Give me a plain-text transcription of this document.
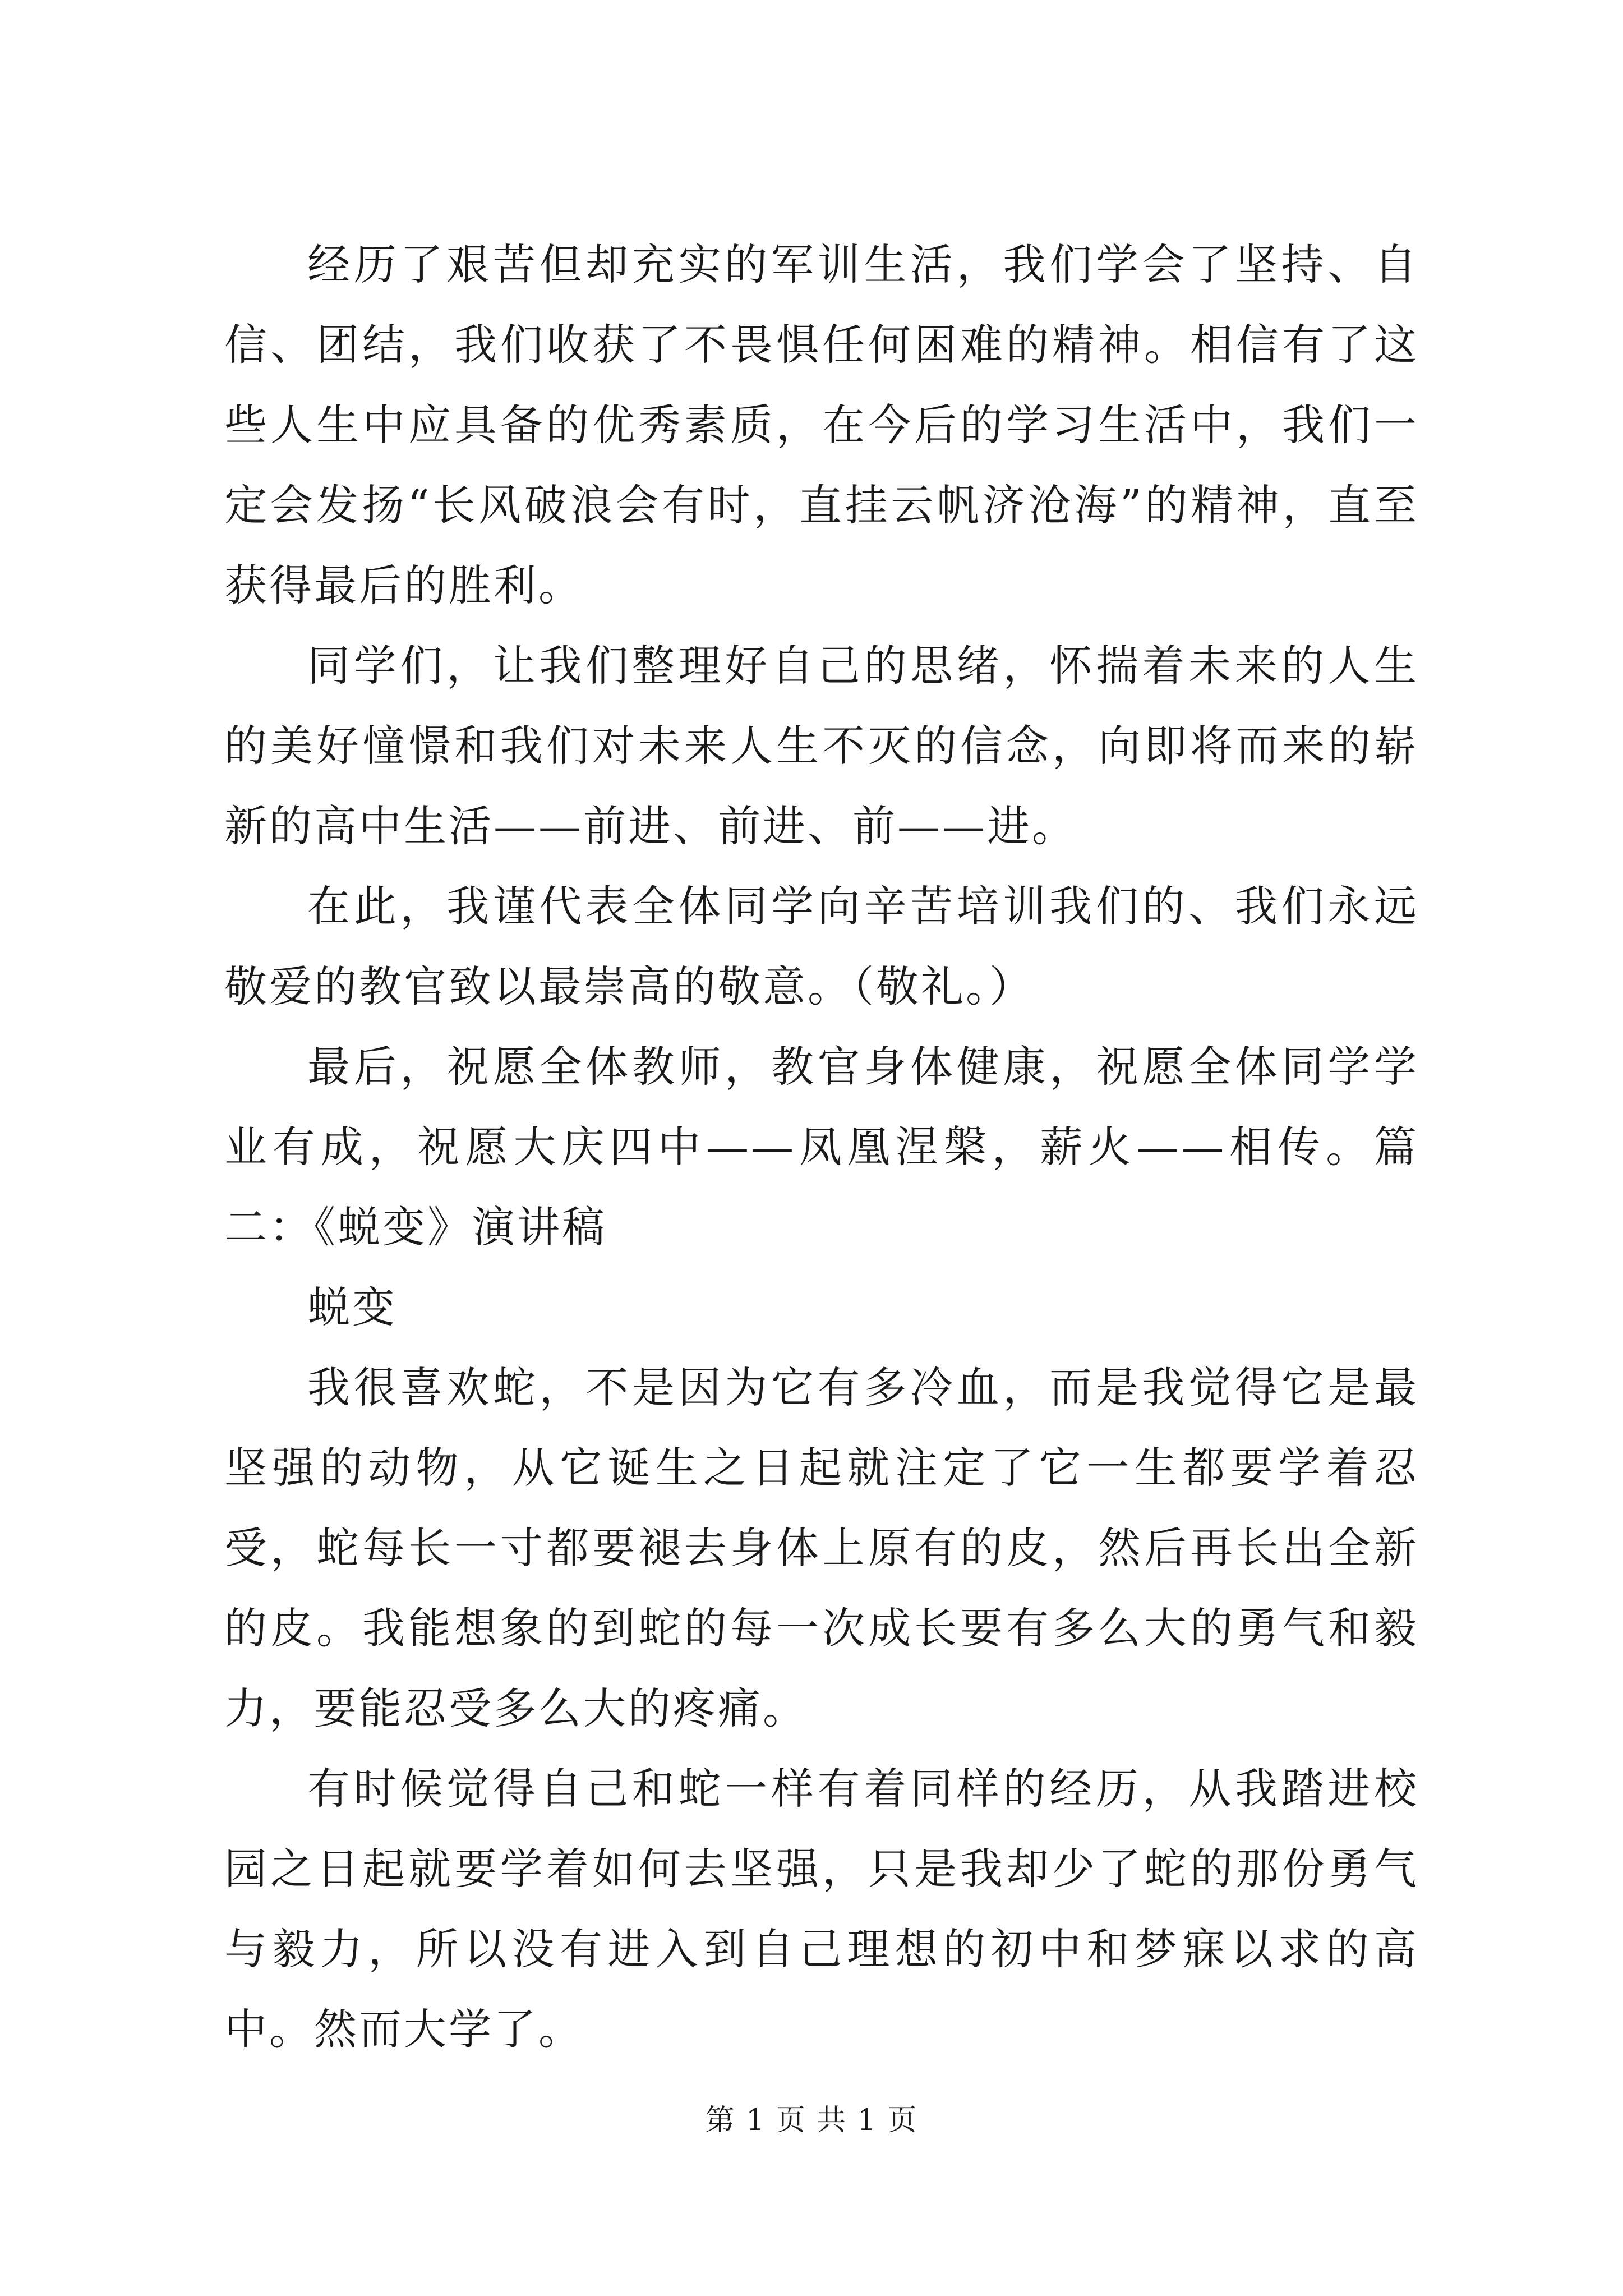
经历了艰苦但却充实的军训生活，我们学会了坚持、自信、团结，我们收获了不畏惧任何困难的精神。相信有了这些人生中应具备的优秀素质，在今后的学习生活中，我们一定会发扬“长风破浪会有时，直挂云帆济沧海”的精神，直至获得最后的胜利。

同学们，让我们整理好自己的思绪，怀揣着未来的人生的美好憧憬和我们对未来人生不灭的信念，向即将而来的崭新的高中生活——前进、前进、前——进。

在此，我谨代表全体同学向辛苦培训我们的、我们永远敬爱的教官致以最崇高的敬意。（敬礼。）

最后，祝愿全体教师，教官身体健康，祝愿全体同学学业有成，祝愿大庆四中——凤凰涅槃，薪火——相传。篇二：《蜕变》演讲稿

蜕变

我很喜欢蛇，不是因为它有多冷血，而是我觉得它是最坚强的动物，从它诞生之日起就注定了它一生都要学着忍受，蛇每长一寸都要褪去身体上原有的皮，然后再长出全新的皮。我能想象的到蛇的每一次成长要有多么大的勇气和毅力，要能忍受多么大的疼痛。

有时候觉得自己和蛇一样有着同样的经历，从我踏进校园之日起就要学着如何去坚强，只是我却少了蛇的那份勇气与毅力，所以没有进入到自己理想的初中和梦寐以求的高中。然而大学了。

第 1 页 共 1 页
